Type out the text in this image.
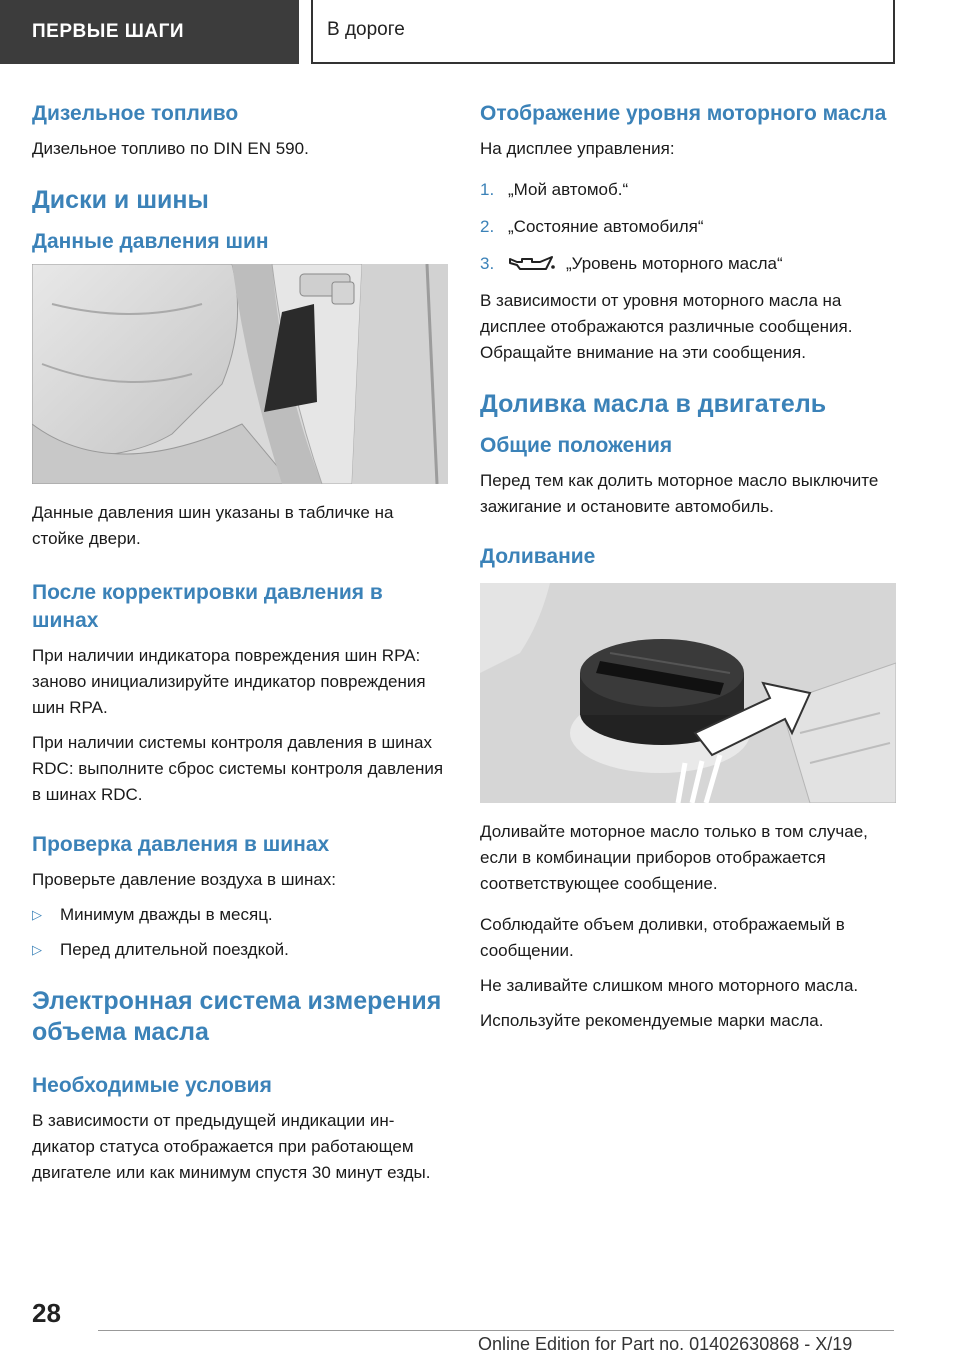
ПЕРВЫЕ ШАГИ	В дороге
Дизельное топливо

Дизельное топливо по DIN EN 590.

Диски и шины
Данные давления шин

Данные давления шин указаны в табличке на стойке двери.

После корректировки давления в шинах

При наличии индикатора повреждения шин RPA: заново инициализируйте индикатор повреждения шин RPA.

При наличии системы контроля давления в шинах RDC: выполните сброс системы контроля давления в шинах RDC.

Проверка давления в шинах

Проверьте давление воздуха в шинах:

▷	Минимум дважды в месяц.
▷	Перед длительной поездкой.
Электронная система измерения объема масла
Необходимые условия

В зависимости от предыдущей индикации индикатор статуса отображается при работающем двигателе или как минимум спустя 30 минут езды.

Отображение уровня моторного масла

На дисплее управления:

1. „Мой автомоб.“
2. „Состояние автомобиля“
3.	„Уровень моторного масла“

В зависимости от уровня моторного масла на дисплее отображаются различные сообщения. Обращайте внимание на эти сообщения.

Доливка масла в двигатель
Общие положения

Перед тем как долить моторное масло выключите зажигание и остановите автомобиль.

Доливание

Доливайте моторное масло только в том случае, если в комбинации приборов отображается соответствующее сообщение.

Соблюдайте объем доливки, отображаемый в сообщении.

Не заливайте слишком много моторного масла.

Используйте рекомендуемые марки масла.

28
Online Edition for Part no. 01402630868 - X/19
